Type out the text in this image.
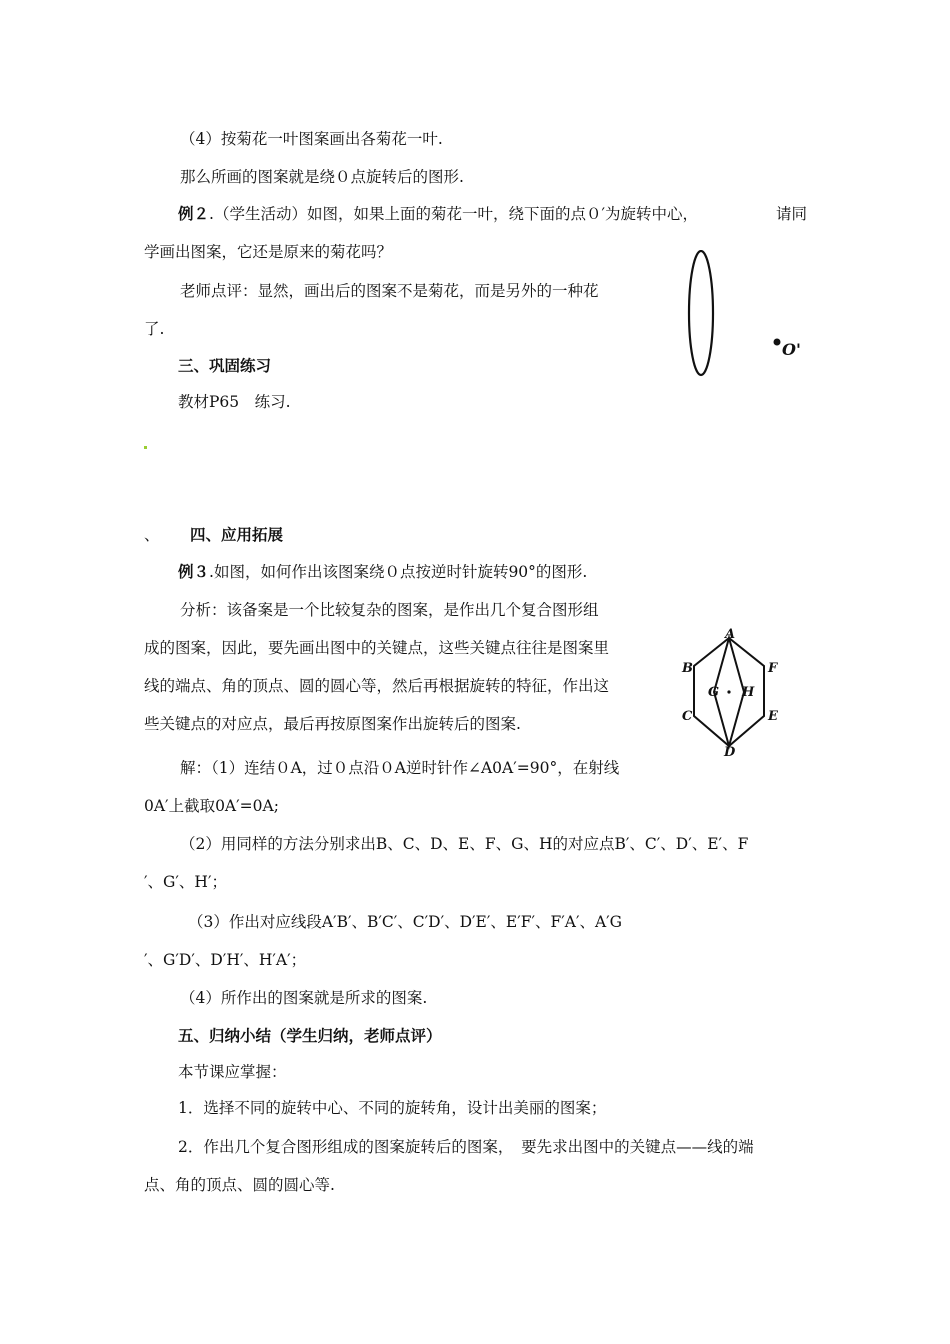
（4）按菊花一叶图案画出各菊花一叶.
那么所画的图案就是绕０点旋转后的图形.
例２.（学生活动）如图，如果上面的菊花一叶，绕下面的点０′为旋转中心，	请同
学画出图案，它还是原来的菊花吗？
老师点评：显然，画出后的图案不是菊花，而是另外的一种花
了.
三、巩固练习
教材P65　练习.
O'
、 四、应用拓展
例３.如图，如何作出该图案绕０点按逆时针旋转90°的图形.
分析：该备案是一个比较复杂的图案，是作出几个复合图形组
成的图案，因此，要先画出图中的关键点，这些关键点往往是图案里
线的端点、角的顶点、圆的圆心等，然后再根据旋转的特征，作出这
些关键点的对应点，最后再按原图案作出旋转后的图案.
A
B
C
D
E
F
G H
解：（1）连结０A，过０点沿０A逆时针作∠A0A′=90°，在射线
0A′上截取0A′=0A;
（2）用同样的方法分别求出B、C、D、E、F、G、H的对应点B′、C′、D′、E′、F
′、G′、H′；
（3）作出对应线段A′B′、B′C′、C′D′、D′E′、E′F′、F′A′、A′G
′、G′D′、D′H′、H′A′；
（4）所作出的图案就是所求的图案.
五、归纳小结（学生归纳，老师点评）
本节课应掌握：
1．选择不同的旋转中心、不同的旋转角，设计出美丽的图案；
2．作出几个复合图形组成的图案旋转后的图案，　要先求出图中的关键点——线的端
点、角的顶点、圆的圆心等.
